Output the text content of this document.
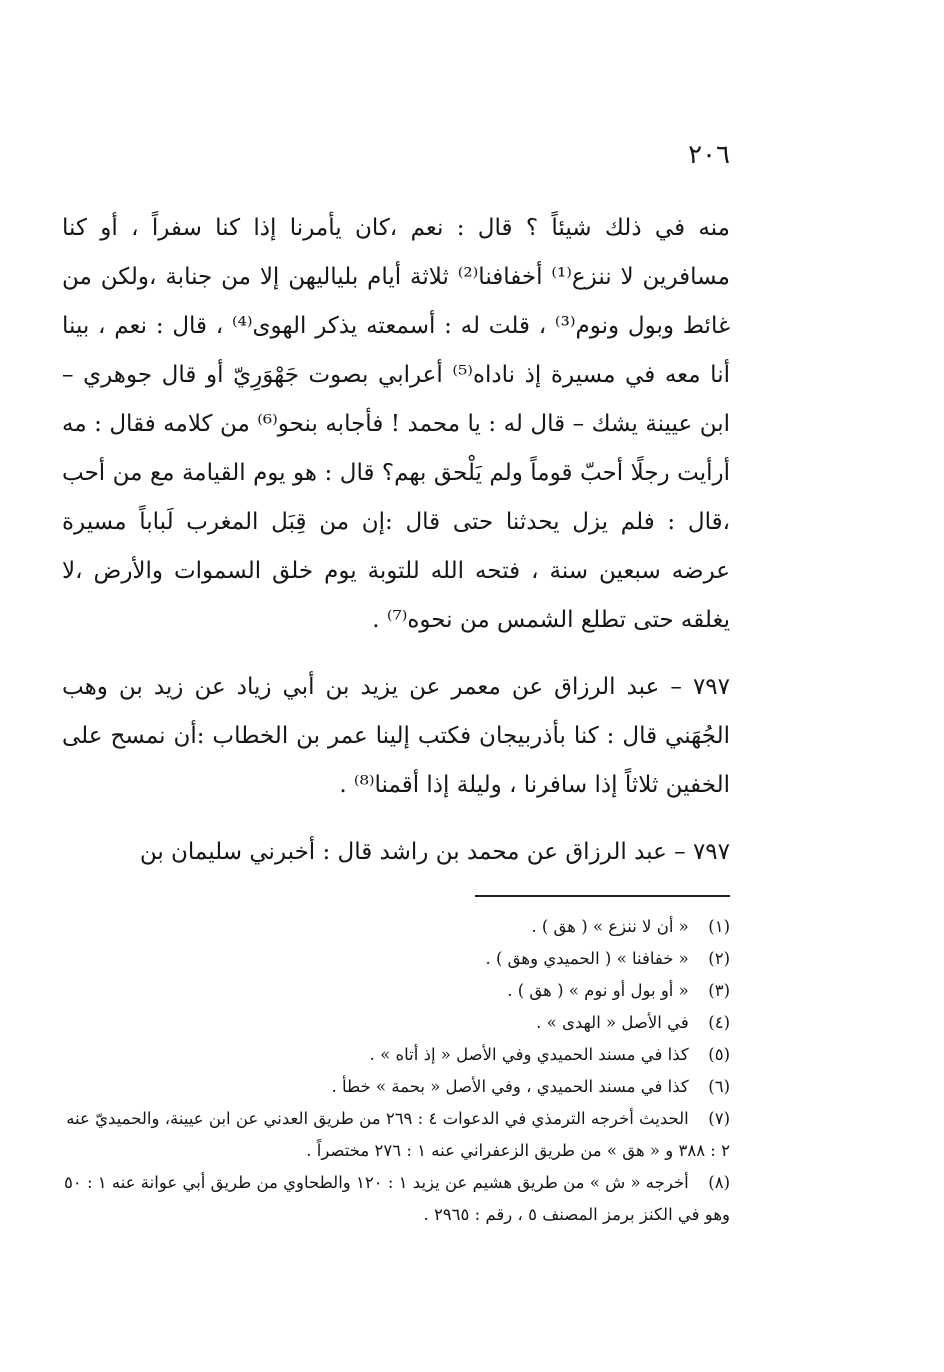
٢٠٦

منه في ذلك شيئاً ؟ قال : نعم ،كان يأمرنا إذا كنا سفراً ، أو كنا مسافرين لا ننزع⁽¹⁾ أخفافنا⁽²⁾ ثلاثة أيام بلياليهن إلا من جنابة ،ولكن من غائط وبول ونوم⁽³⁾ ، قلت له : أسمعته يذكر الهوى⁽⁴⁾ ، قال : نعم ، بينا أنا معه في مسيرة إذ ناداه⁽⁵⁾ أعرابي بصوت جَهْوَرِيّ أو قال جوهري – ابن عيينة يشك – قال له : يا محمد ! فأجابه بنحو⁽⁶⁾ من كلامه فقال : مه أرأيت رجلًا أحبّ قوماً ولم يَلْحق بهم؟ قال : هو يوم القيامة مع من أحب ،قال : فلم يزل يحدثنا حتى قال :إن من قِبَل المغرب لَباباً مسيرة عرضه سبعين سنة ، فتحه الله للتوبة يوم خلق السموات والأرض ،لا يغلقه حتى تطلع الشمس من نحوه⁽⁷⁾ .

٧٩٧ – عبد الرزاق عن معمر عن يزيد بن أبي زياد عن زيد بن وهب الجُهَني قال : كنا بأذربيجان فكتب إلينا عمر بن الخطاب :أن نمسح على الخفين ثلاثاً إذا سافرنا ، وليلة إذا أقمنا⁽⁸⁾ .

٧٩٧ – عبد الرزاق عن محمد بن راشد قال : أخبرني سليمان بن

(١) « أن لا ننزع » ( هق ) .
(٢) « خفافنا » ( الحميدي وهق ) .
(٣) « أو بول أو نوم » ( هق ) .
(٤) في الأصل « الهدى » .
(٥) كذا في مسند الحميدي وفي الأصل « إذ أتاه » .
(٦) كذا في مسند الحميدي ، وفي الأصل « بحمة » خطأ .
(٧) الحديث أخرجه الترمذي في الدعوات ٤ : ٢٦٩ من طريق العدني عن ابن عيينة، والحميديّ عنه ٢ : ٣٨٨ و « هق » من طريق الزعفراني عنه ١ : ٢٧٦ مختصراً .
(٨) أخرجه « ش » من طريق هشيم عن يزيد ١ : ١٢٠ والطحاوي من طريق أبي عوانة عنه ١ : ٥٠ وهو في الكنز برمز المصنف ٥ ، رقم : ٢٩٦٥ .
